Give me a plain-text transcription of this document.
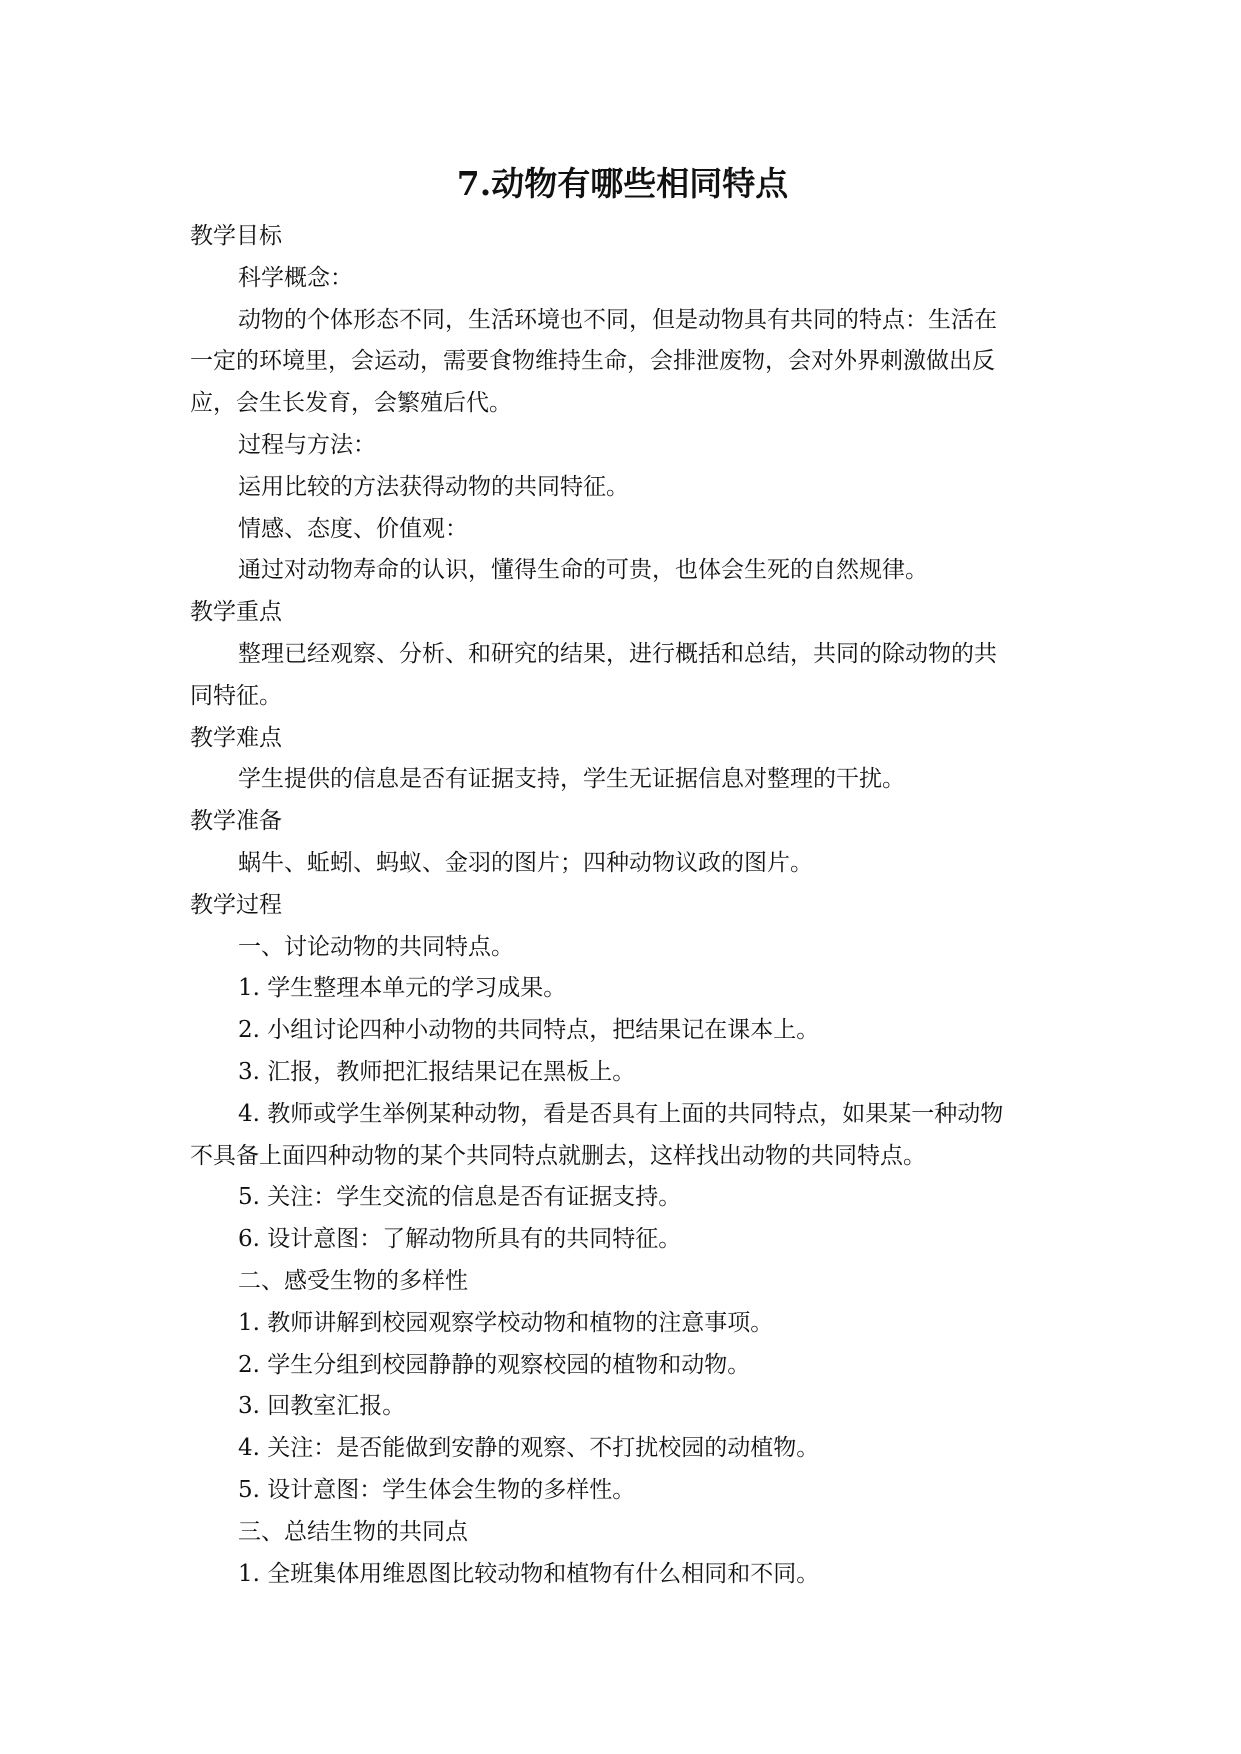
7.动物有哪些相同特点

教学目标

科学概念：

动物的个体形态不同，生活环境也不同，但是动物具有共同的特点：生活在

一定的环境里，会运动，需要食物维持生命，会排泄废物，会对外界刺激做出反

应，会生长发育，会繁殖后代。

过程与方法：

运用比较的方法获得动物的共同特征。

情感、态度、价值观：

通过对动物寿命的认识，懂得生命的可贵，也体会生死的自然规律。

教学重点

整理已经观察、分析、和研究的结果，进行概括和总结，共同的除动物的共

同特征。

教学难点

学生提供的信息是否有证据支持，学生无证据信息对整理的干扰。

教学准备

蜗牛、蚯蚓、蚂蚁、金羽的图片；四种动物议政的图片。

教学过程

一、讨论动物的共同特点。

1. 学生整理本单元的学习成果。

2. 小组讨论四种小动物的共同特点，把结果记在课本上。

3. 汇报，教师把汇报结果记在黑板上。

4. 教师或学生举例某种动物，看是否具有上面的共同特点，如果某一种动物

不具备上面四种动物的某个共同特点就删去，这样找出动物的共同特点。

5. 关注：学生交流的信息是否有证据支持。

6. 设计意图：了解动物所具有的共同特征。

二、感受生物的多样性

1. 教师讲解到校园观察学校动物和植物的注意事项。

2. 学生分组到校园静静的观察校园的植物和动物。

3. 回教室汇报。

4. 关注：是否能做到安静的观察、不打扰校园的动植物。

5. 设计意图：学生体会生物的多样性。

三、总结生物的共同点

1. 全班集体用维恩图比较动物和植物有什么相同和不同。
